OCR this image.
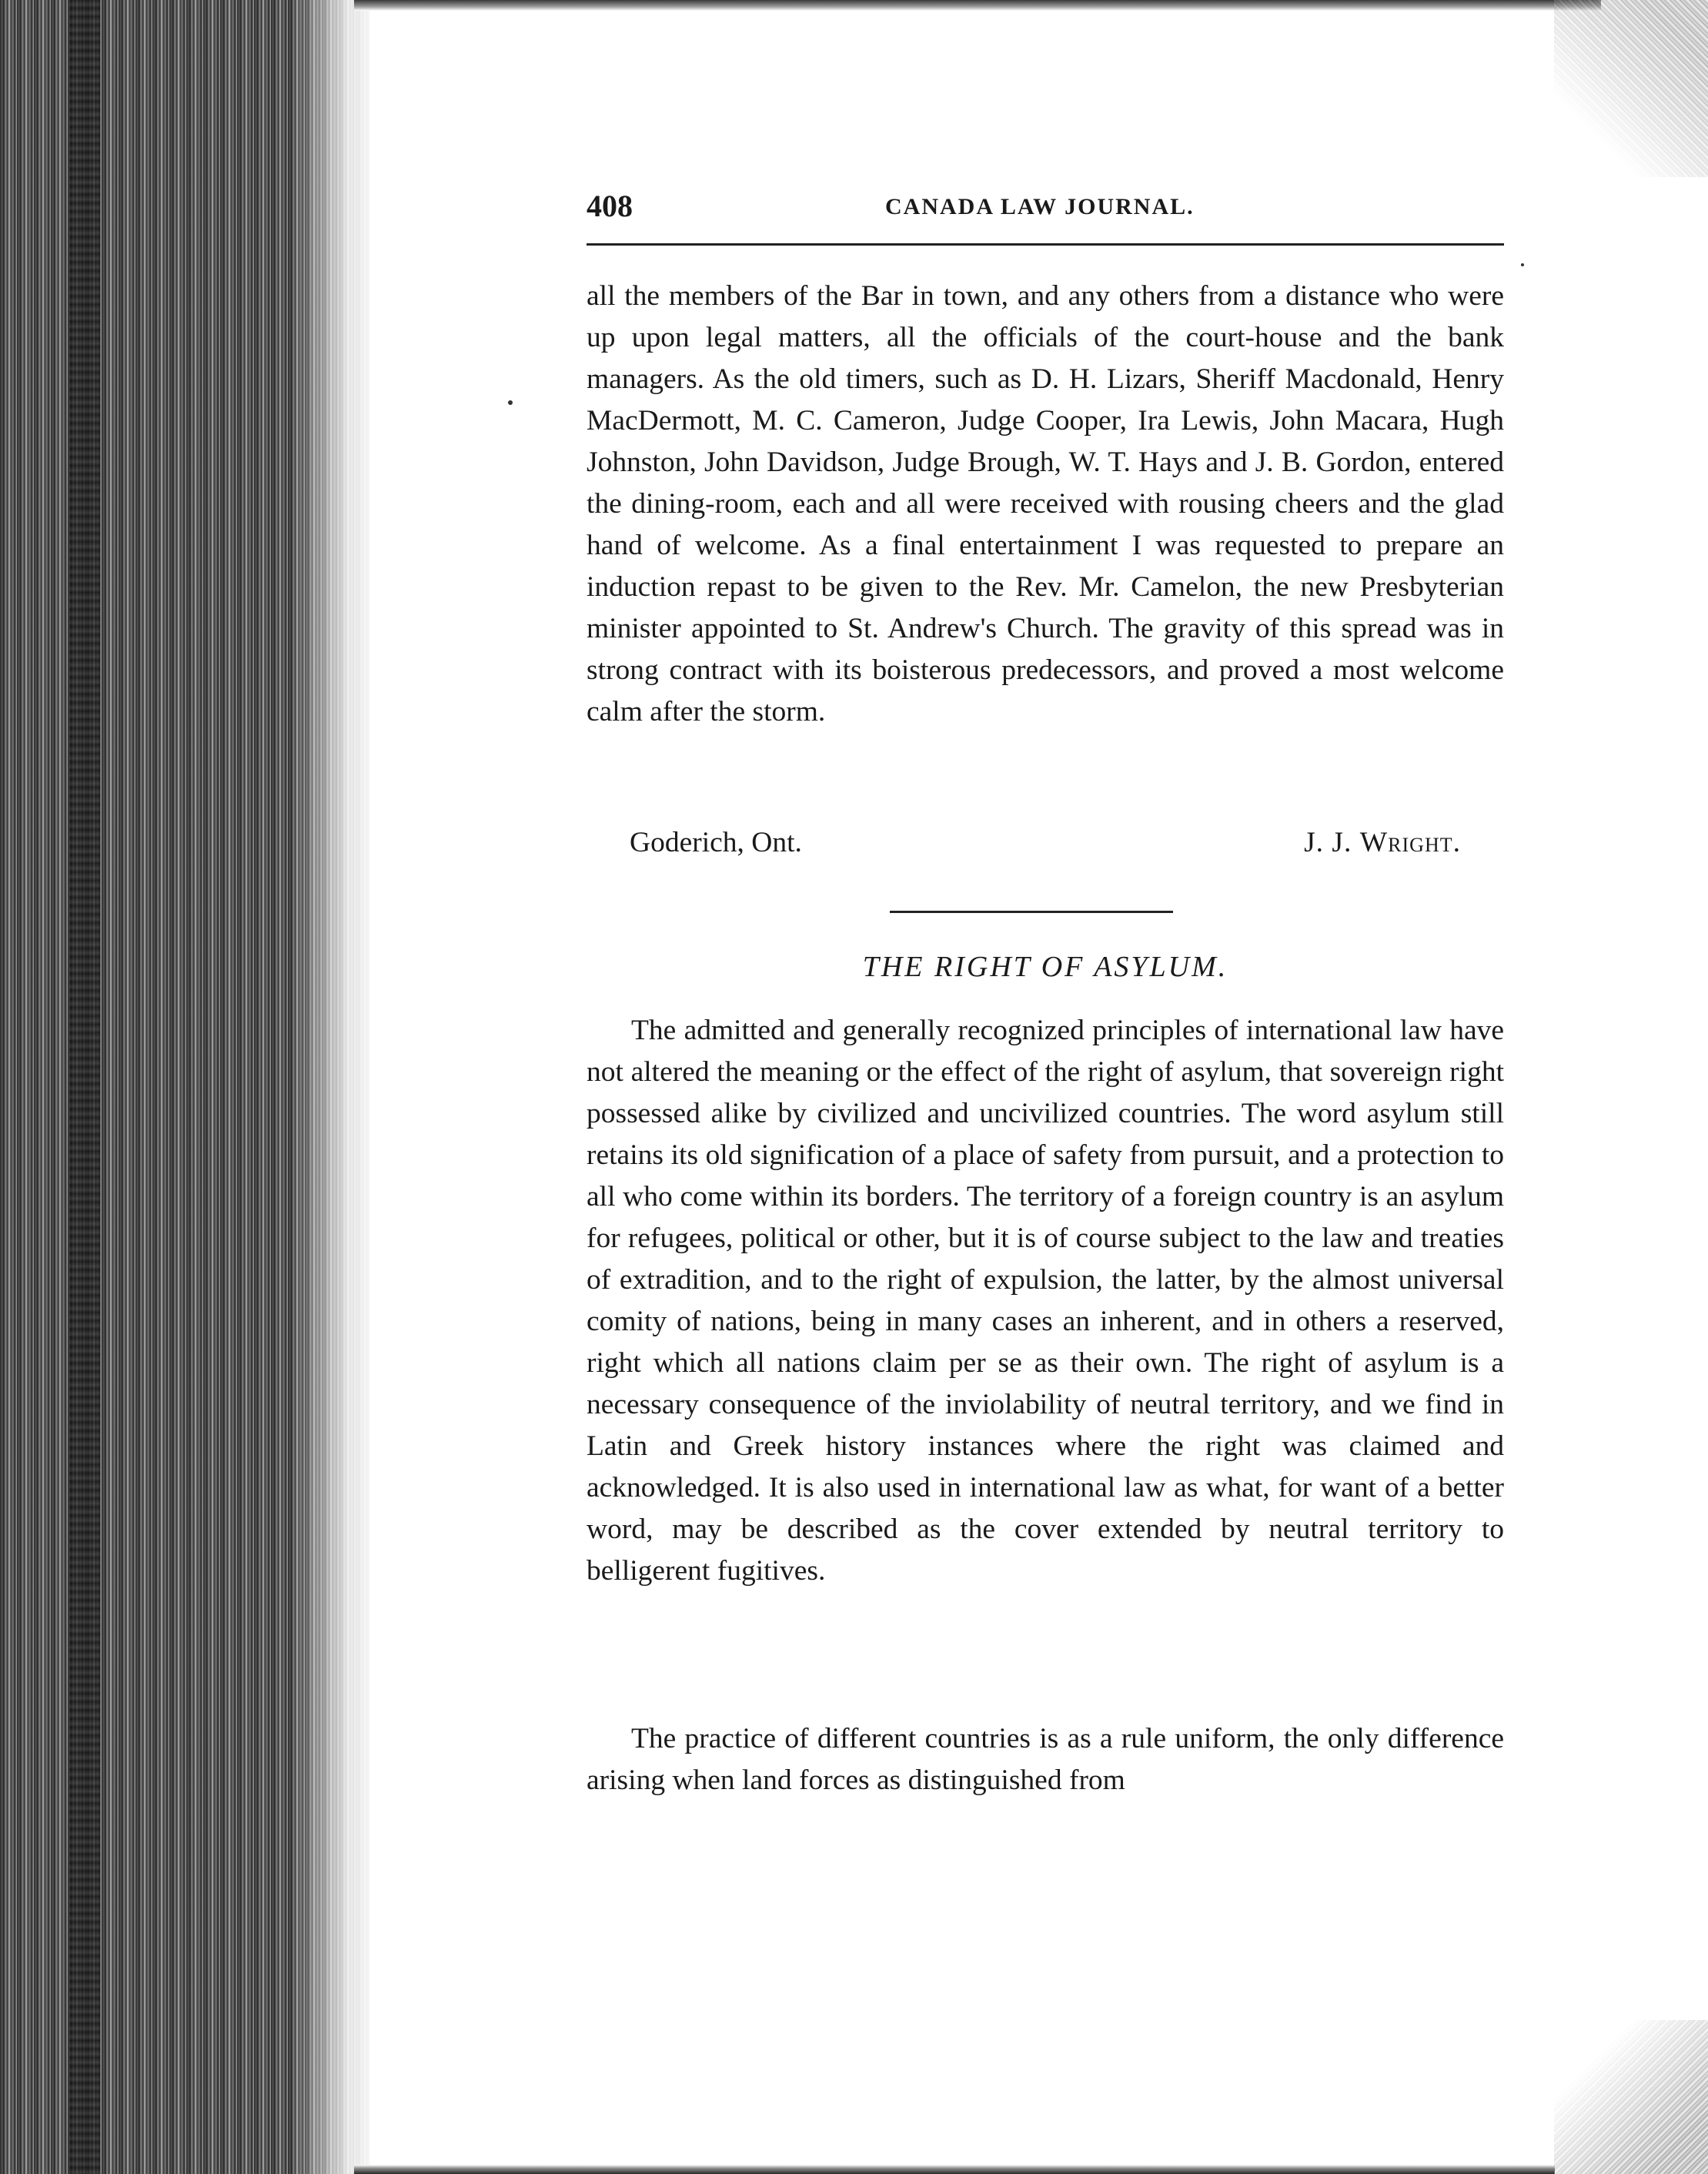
408	CANADA LAW JOURNAL.

all the members of the Bar in town, and any others from a distance who were up upon legal matters, all the officials of the court-house and the bank managers. As the old timers, such as D. H. Lizars, Sheriff Macdonald, Henry MacDermott, M. C. Cameron, Judge Cooper, Ira Lewis, John Macara, Hugh Johnston, John Davidson, Judge Brough, W. T. Hays and J. B. Gordon, entered the dining-room, each and all were received with rousing cheers and the glad hand of welcome. As a final entertainment I was requested to prepare an induction repast to be given to the Rev. Mr. Camelon, the new Presbyterian minister appointed to St. Andrew's Church. The gravity of this spread was in strong contract with its boisterous predecessors, and proved a most welcome calm after the storm.

Goderich, Ont.	J. J. Wright.
THE RIGHT OF ASYLUM.

The admitted and generally recognized principles of international law have not altered the meaning or the effect of the right of asylum, that sovereign right possessed alike by civilized and uncivilized countries. The word asylum still retains its old signification of a place of safety from pursuit, and a protection to all who come within its borders. The territory of a foreign country is an asylum for refugees, political or other, but it is of course subject to the law and treaties of extradition, and to the right of expulsion, the latter, by the almost universal comity of nations, being in many cases an inherent, and in others a reserved, right which all nations claim per se as their own. The right of asylum is a necessary consequence of the inviolability of neutral territory, and we find in Latin and Greek history instances where the right was claimed and acknowledged. It is also used in international law as what, for want of a better word, may be described as the cover extended by neutral territory to belligerent fugitives.

The practice of different countries is as a rule uniform, the only difference arising when land forces as distinguished from
